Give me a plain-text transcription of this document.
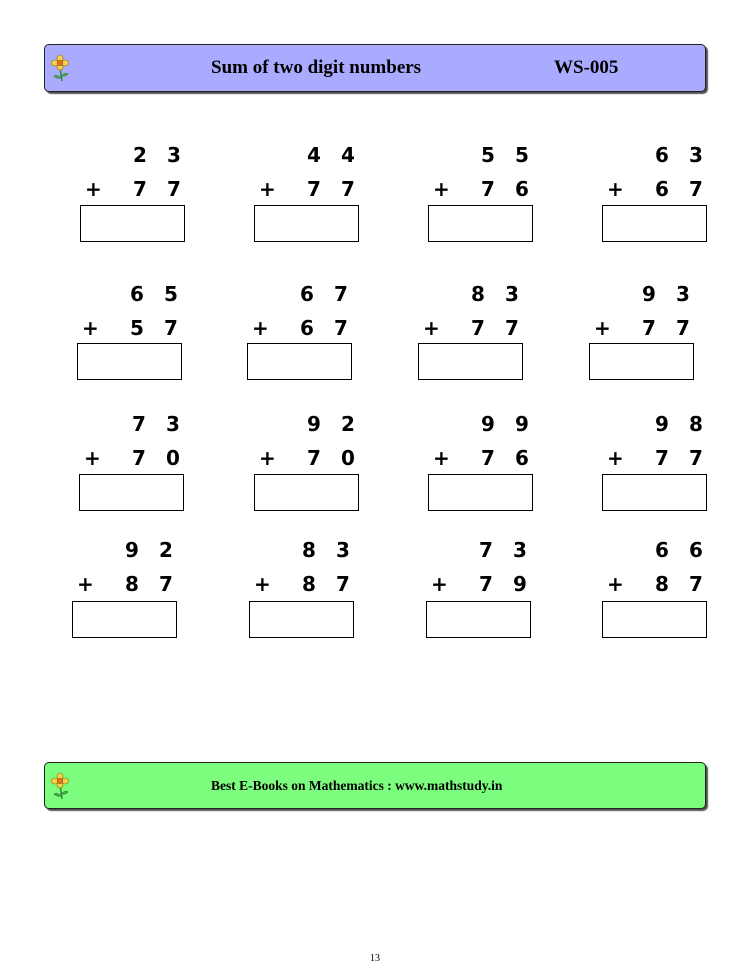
Sum of two digit numbers	WS-005
2 3
+ 7 7
4 4
+ 7 7
5 5
+ 7 6
6 3
+ 6 7
6 5
+ 5 7
6 7
+ 6 7
8 3
+ 7 7
9 3
+ 7 7
7 3
+ 7 0
9 2
+ 7 0
9 9
+ 7 6
9 8
+ 7 7
9 2
+ 8 7
8 3
+ 8 7
7 3
+ 7 9
6 6
+ 8 7
Best E-Books on Mathematics : www.mathstudy.in
13
